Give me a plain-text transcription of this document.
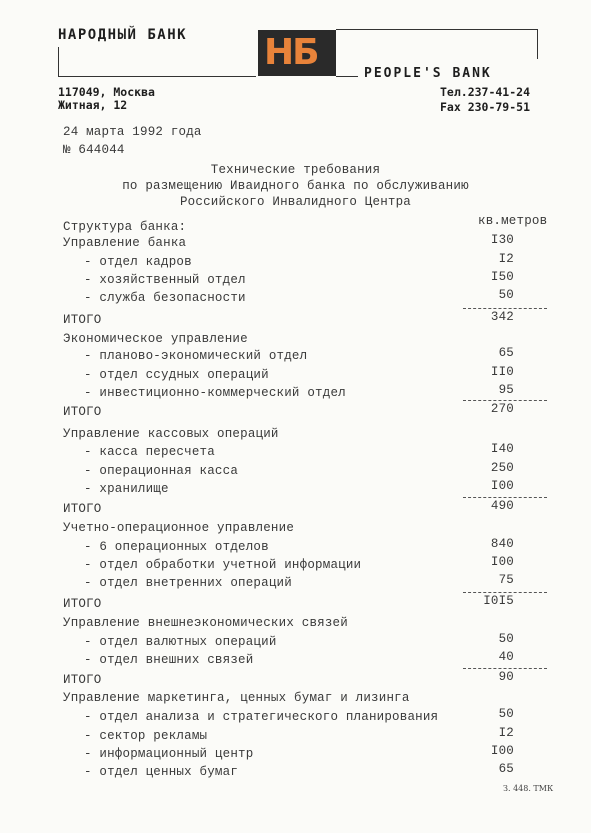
НАРОДНЫЙ БАНК НБ
PEOPLE'S BANK
117049, Москва
Житная, 12
Тел.237-41-24
Fax 230-79-51
24 марта 1992 года
№ 644044
Технические требования
по размещению Иваидного банка по обслуживанию
Российского Инвалидного Центра
Структура банка:	кв.метров
Управление банка	I30
- отдел кадров	I2
- хозяйственный отдел	I50
- служба безопасности	50
ИТОГО	342
Экономическое управление
- планово-экономический отдел	65
- отдел ссудных операций	II0
- инвестиционно-коммерческий отдел	95
ИТОГО	270
Управление кассовых операций
- касса пересчета	I40
- операционная касса	250
- хранилище	I00
ИТОГО	490
Учетно-операционное управление
- 6 операционных отделов	840
- отдел обработки учетной информации	I00
- отдел внетренних операций	75
ИТОГО	I0I5
Управление внешнеэкономических связей
- отдел валютных операций	50
- отдел внешних связей	40
ИТОГО	90
Управление маркетинга, ценных бумаг и лизинга
- отдел анализа и стратегического планирования	50
- сектор рекламы	I2
- информационный центр	I00
- отдел ценных бумаг	65
З. 448. ТМК
